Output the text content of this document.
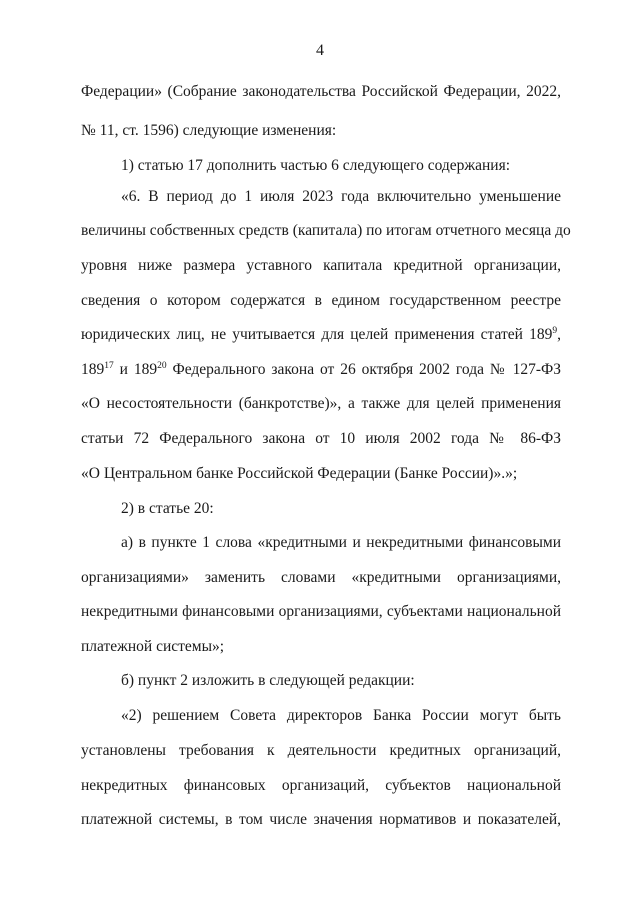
4
Федерации» (Собрание законодательства Российской Федерации, 2022,
№ 11, ст. 1596) следующие изменения:
1) статью 17 дополнить частью 6 следующего содержания:
«6. В период до 1 июля 2023 года включительно уменьшение
величины собственных средств (капитала) по итогам отчетного месяца до
уровня ниже размера уставного капитала кредитной организации,
сведения о котором содержатся в едином государственном реестре
юридических лиц, не учитывается для целей применения статей $189^9$,
$189^{17}$ и $189^{20}$ Федерального закона от 26 октября 2002 года № 127-ФЗ
«О несостоятельности (банкротстве)», а также для целей применения
статьи 72 Федерального закона от 10 июля 2002 года № 86-ФЗ
«О Центральном банке Российской Федерации (Банке России)».»;
2) в статье 20:
а) в пункте 1 слова «кредитными и некредитными финансовыми
организациями» заменить словами «кредитными организациями,
некредитными финансовыми организациями, субъектами национальной
платежной системы»;
б) пункт 2 изложить в следующей редакции:
«2) решением Совета директоров Банка России могут быть
установлены требования к деятельности кредитных организаций,
некредитных финансовых организаций, субъектов национальной
платежной системы, в том числе значения нормативов и показателей,
